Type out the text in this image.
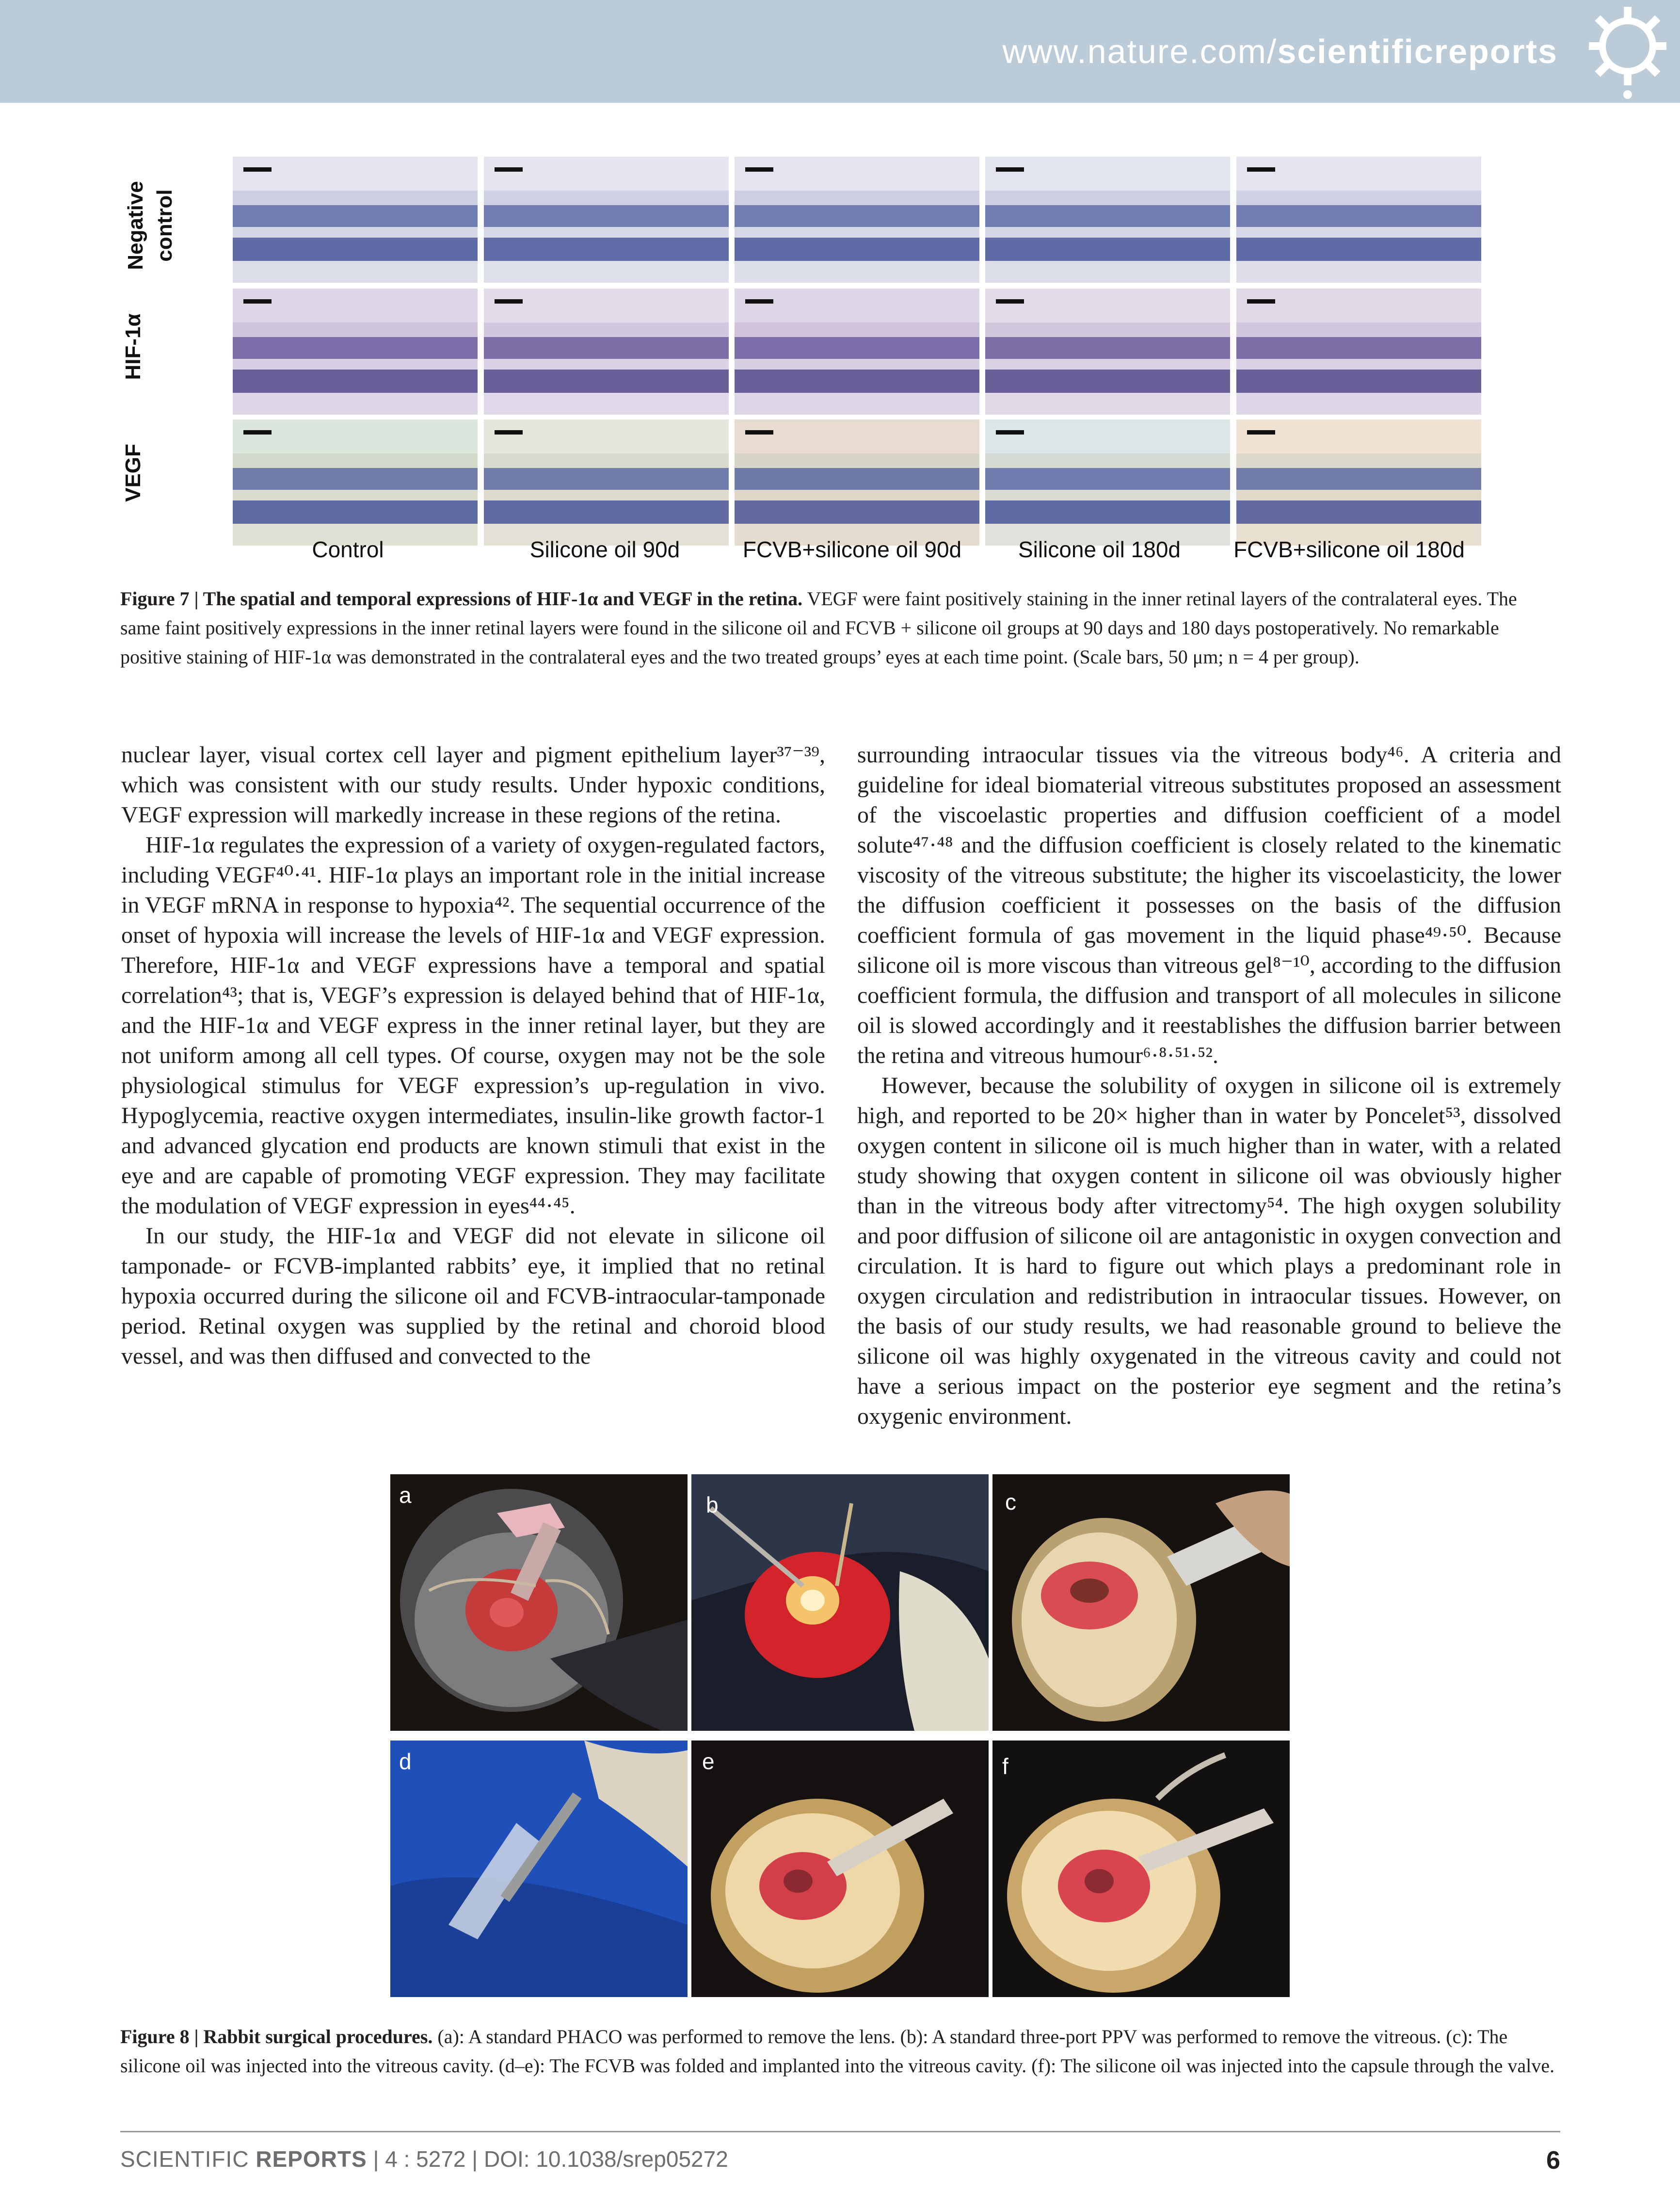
www.nature.com/scientificreports
Negative control
HIF-1α
VEGF
Control	Silicone oil 90d	FCVB+silicone oil 90d	Silicone oil 180d	FCVB+silicone oil 180d
Figure 7 | The spatial and temporal expressions of HIF-1α and VEGF in the retina. VEGF were faint positively staining in the inner retinal layers of the contralateral eyes. The same faint positively expressions in the inner retinal layers were found in the silicone oil and FCVB + silicone oil groups at 90 days and 180 days postoperatively. No remarkable positive staining of HIF-1α was demonstrated in the contralateral eyes and the two treated groups’ eyes at each time point. (Scale bars, 50 μm; n = 4 per group).

nuclear layer, visual cortex cell layer and pigment epithelium layer³⁷⁻³⁹, which was consistent with our study results. Under hypoxic conditions, VEGF expression will markedly increase in these regions of the retina.

HIF-1α regulates the expression of a variety of oxygen-regulated factors, including VEGF⁴⁰·⁴¹. HIF-1α plays an important role in the initial increase in VEGF mRNA in response to hypoxia⁴². The sequential occurrence of the onset of hypoxia will increase the levels of HIF-1α and VEGF expression. Therefore, HIF-1α and VEGF expressions have a temporal and spatial correlation⁴³; that is, VEGF’s expression is delayed behind that of HIF-1α, and the HIF-1α and VEGF express in the inner retinal layer, but they are not uniform among all cell types. Of course, oxygen may not be the sole physiological stimulus for VEGF expression’s up-regulation in vivo. Hypoglycemia, reactive oxygen intermediates, insulin-like growth factor-1 and advanced glycation end products are known stimuli that exist in the eye and are capable of promoting VEGF expression. They may facilitate the modulation of VEGF expression in eyes⁴⁴·⁴⁵.

In our study, the HIF-1α and VEGF did not elevate in silicone oil tamponade- or FCVB-implanted rabbits’ eye, it implied that no retinal hypoxia occurred during the silicone oil and FCVB-intraocular-tamponade period. Retinal oxygen was supplied by the retinal and choroid blood vessel, and was then diffused and convected to the

surrounding intraocular tissues via the vitreous body⁴⁶. A criteria and guideline for ideal biomaterial vitreous substitutes proposed an assessment of the viscoelastic properties and diffusion coefficient of a model solute⁴⁷·⁴⁸ and the diffusion coefficient is closely related to the kinematic viscosity of the vitreous substitute; the higher its viscoelasticity, the lower the diffusion coefficient it possesses on the basis of the diffusion coefficient formula of gas movement in the liquid phase⁴⁹·⁵⁰. Because silicone oil is more viscous than vitreous gel⁸⁻¹⁰, according to the diffusion coefficient formula, the diffusion and transport of all molecules in silicone oil is slowed accordingly and it reestablishes the diffusion barrier between the retina and vitreous humour⁶·⁸·⁵¹·⁵².

However, because the solubility of oxygen in silicone oil is extremely high, and reported to be 20× higher than in water by Poncelet⁵³, dissolved oxygen content in silicone oil is much higher than in water, with a related study showing that oxygen content in silicone oil was obviously higher than in the vitreous body after vitrectomy⁵⁴. The high oxygen solubility and poor diffusion of silicone oil are antagonistic in oxygen convection and circulation. It is hard to figure out which plays a predominant role in oxygen circulation and redistribution in intraocular tissues. However, on the basis of our study results, we had reasonable ground to believe the silicone oil was highly oxygenated in the vitreous cavity and could not have a serious impact on the posterior eye segment and the retina’s oxygenic environment.

a	b	c
d	e	f
Figure 8 | Rabbit surgical procedures. (a): A standard PHACO was performed to remove the lens. (b): A standard three-port PPV was performed to remove the vitreous. (c): The silicone oil was injected into the vitreous cavity. (d–e): The FCVB was folded and implanted into the vitreous cavity. (f): The silicone oil was injected into the capsule through the valve.
SCIENTIFIC REPORTS | 4 : 5272 | DOI: 10.1038/srep05272	6
